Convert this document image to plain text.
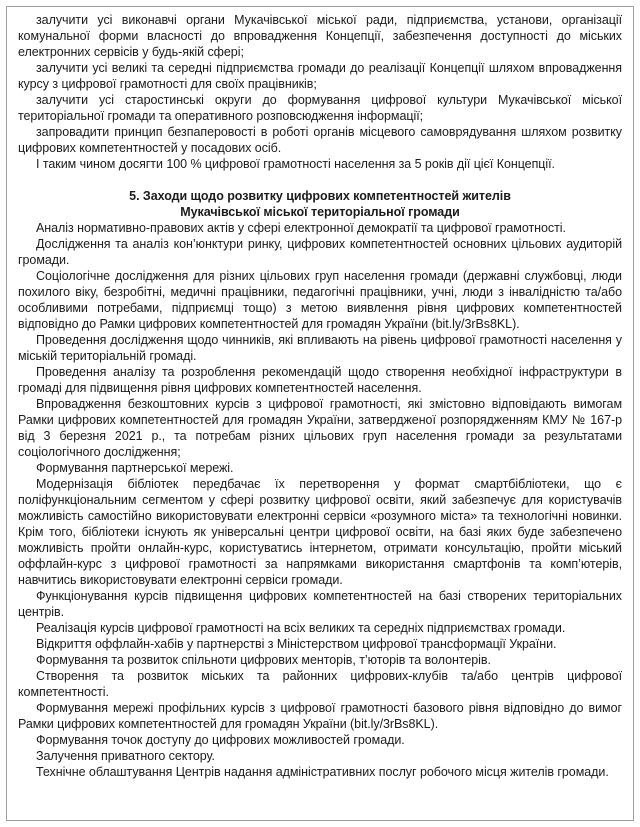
залучити усі виконавчі органи Мукачівської міської ради, підприємства, установи, організації комунальної форми власності до впровадження Концепції, забезпечення доступності до міських електронних сервісів у будь-якій сфері;

залучити усі великі та середні підприємства громади до реалізації Концепції шляхом впровадження курсу з цифрової грамотності для своїх працівників;

залучити усі старостинські округи до формування цифрової культури Мукачівської міської територіальної громади та оперативного розповсюдження інформації;

запровадити принцип безпаперовості в роботі органів місцевого самоврядування шляхом розвитку цифрових компетентностей у посадових осіб.

І таким чином досягти 100 % цифрової грамотності населення за 5 років дії цієї Концепції.

5. Заходи щодо розвитку цифрових компетентностей жителів
Мукачівської міської територіальної громади

Аналіз нормативно-правових актів у сфері електронної демократії та цифрової грамотності.

Дослідження та аналіз кон’юнктури ринку, цифрових компетентностей основних цільових аудиторій громади.

Соціологічне дослідження для різних цільових груп населення громади (державні службовці, люди похилого віку, безробітні, медичні працівники, педагогічні працівники, учні, люди з інвалідністю та/або особливими потребами, підприємці тощо) з метою виявлення рівня цифрових компетентностей відповідно до Рамки цифрових компетентностей для громадян України (bit.ly/3rBs8KL).

Проведення дослідження щодо чинників, які впливають на рівень цифрової грамотності населення у міській територіальній громаді.

Проведення аналізу та розроблення рекомендацій щодо створення необхідної інфраструктури в громаді для підвищення рівня цифрових компетентностей населення.

Впровадження безкоштовних курсів з цифрової грамотності, які змістовно відповідають вимогам Рамки цифрових компетентностей для громадян України, затвердженої розпорядженням КМУ № 167-р від 3 березня 2021 р., та потребам різних цільових груп населення громади за результатами соціологічного дослідження;

Формування партнерської мережі.

Модернізація бібліотек передбачає їх перетворення у формат смартбібліотеки, що є поліфункціональним сегментом у сфері розвитку цифрової освіти, який забезпечує для користувачів можливість самостійно використовувати електронні сервіси «розумного міста» та технологічні новинки. Крім того, бібліотеки існують як універсальні центри цифрової освіти, на базі яких буде забезпечено можливість пройти онлайн-курс, користуватись інтернетом, отримати консультацію, пройти міський оффлайн-курс з цифрової грамотності за напрямками використання смартфонів та комп’ютерів, навчитись використовувати електронні сервіси громади.

Функціонування курсів підвищення цифрових компетентностей на базі створених територіальних центрів.

Реалізація курсів цифрової грамотності на всіх великих та середніх підприємствах громади.

Відкриття оффлайн-хабів у партнерстві з Міністерством цифрової трансформації України.

Формування та розвиток спільноти цифрових менторів, т’юторів та волонтерів.

Створення та розвиток міських та районних цифрових-клубів та/або центрів цифрової компетентності.

Формування мережі профільних курсів з цифрової грамотності базового рівня відповідно до вимог Рамки цифрових компетентностей для громадян України (bit.ly/3rBs8KL).

Формування точок доступу до цифрових можливостей громади.

Залучення приватного сектору.

Технічне облаштування Центрів надання адміністративних послуг робочого місця жителів громади.
